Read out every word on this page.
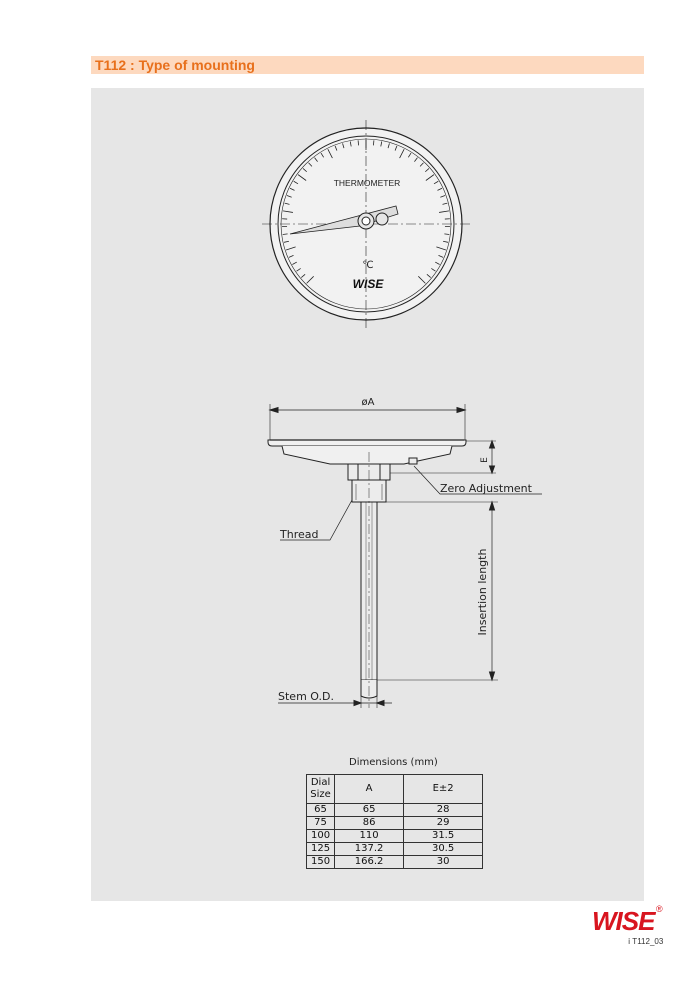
T112 : Type of mounting
THERMOMETER
℃
WISE
øA
E
Zero Adjustment
Thread
Insertion length
Stem O.D.
Dimensions (mm)
Dial
Size	A	E±2
65	65	28
75	86	29
100	110	31.5
125	137.2	30.5
150	166.2	30
WISE ®
ⅰ T112_03
